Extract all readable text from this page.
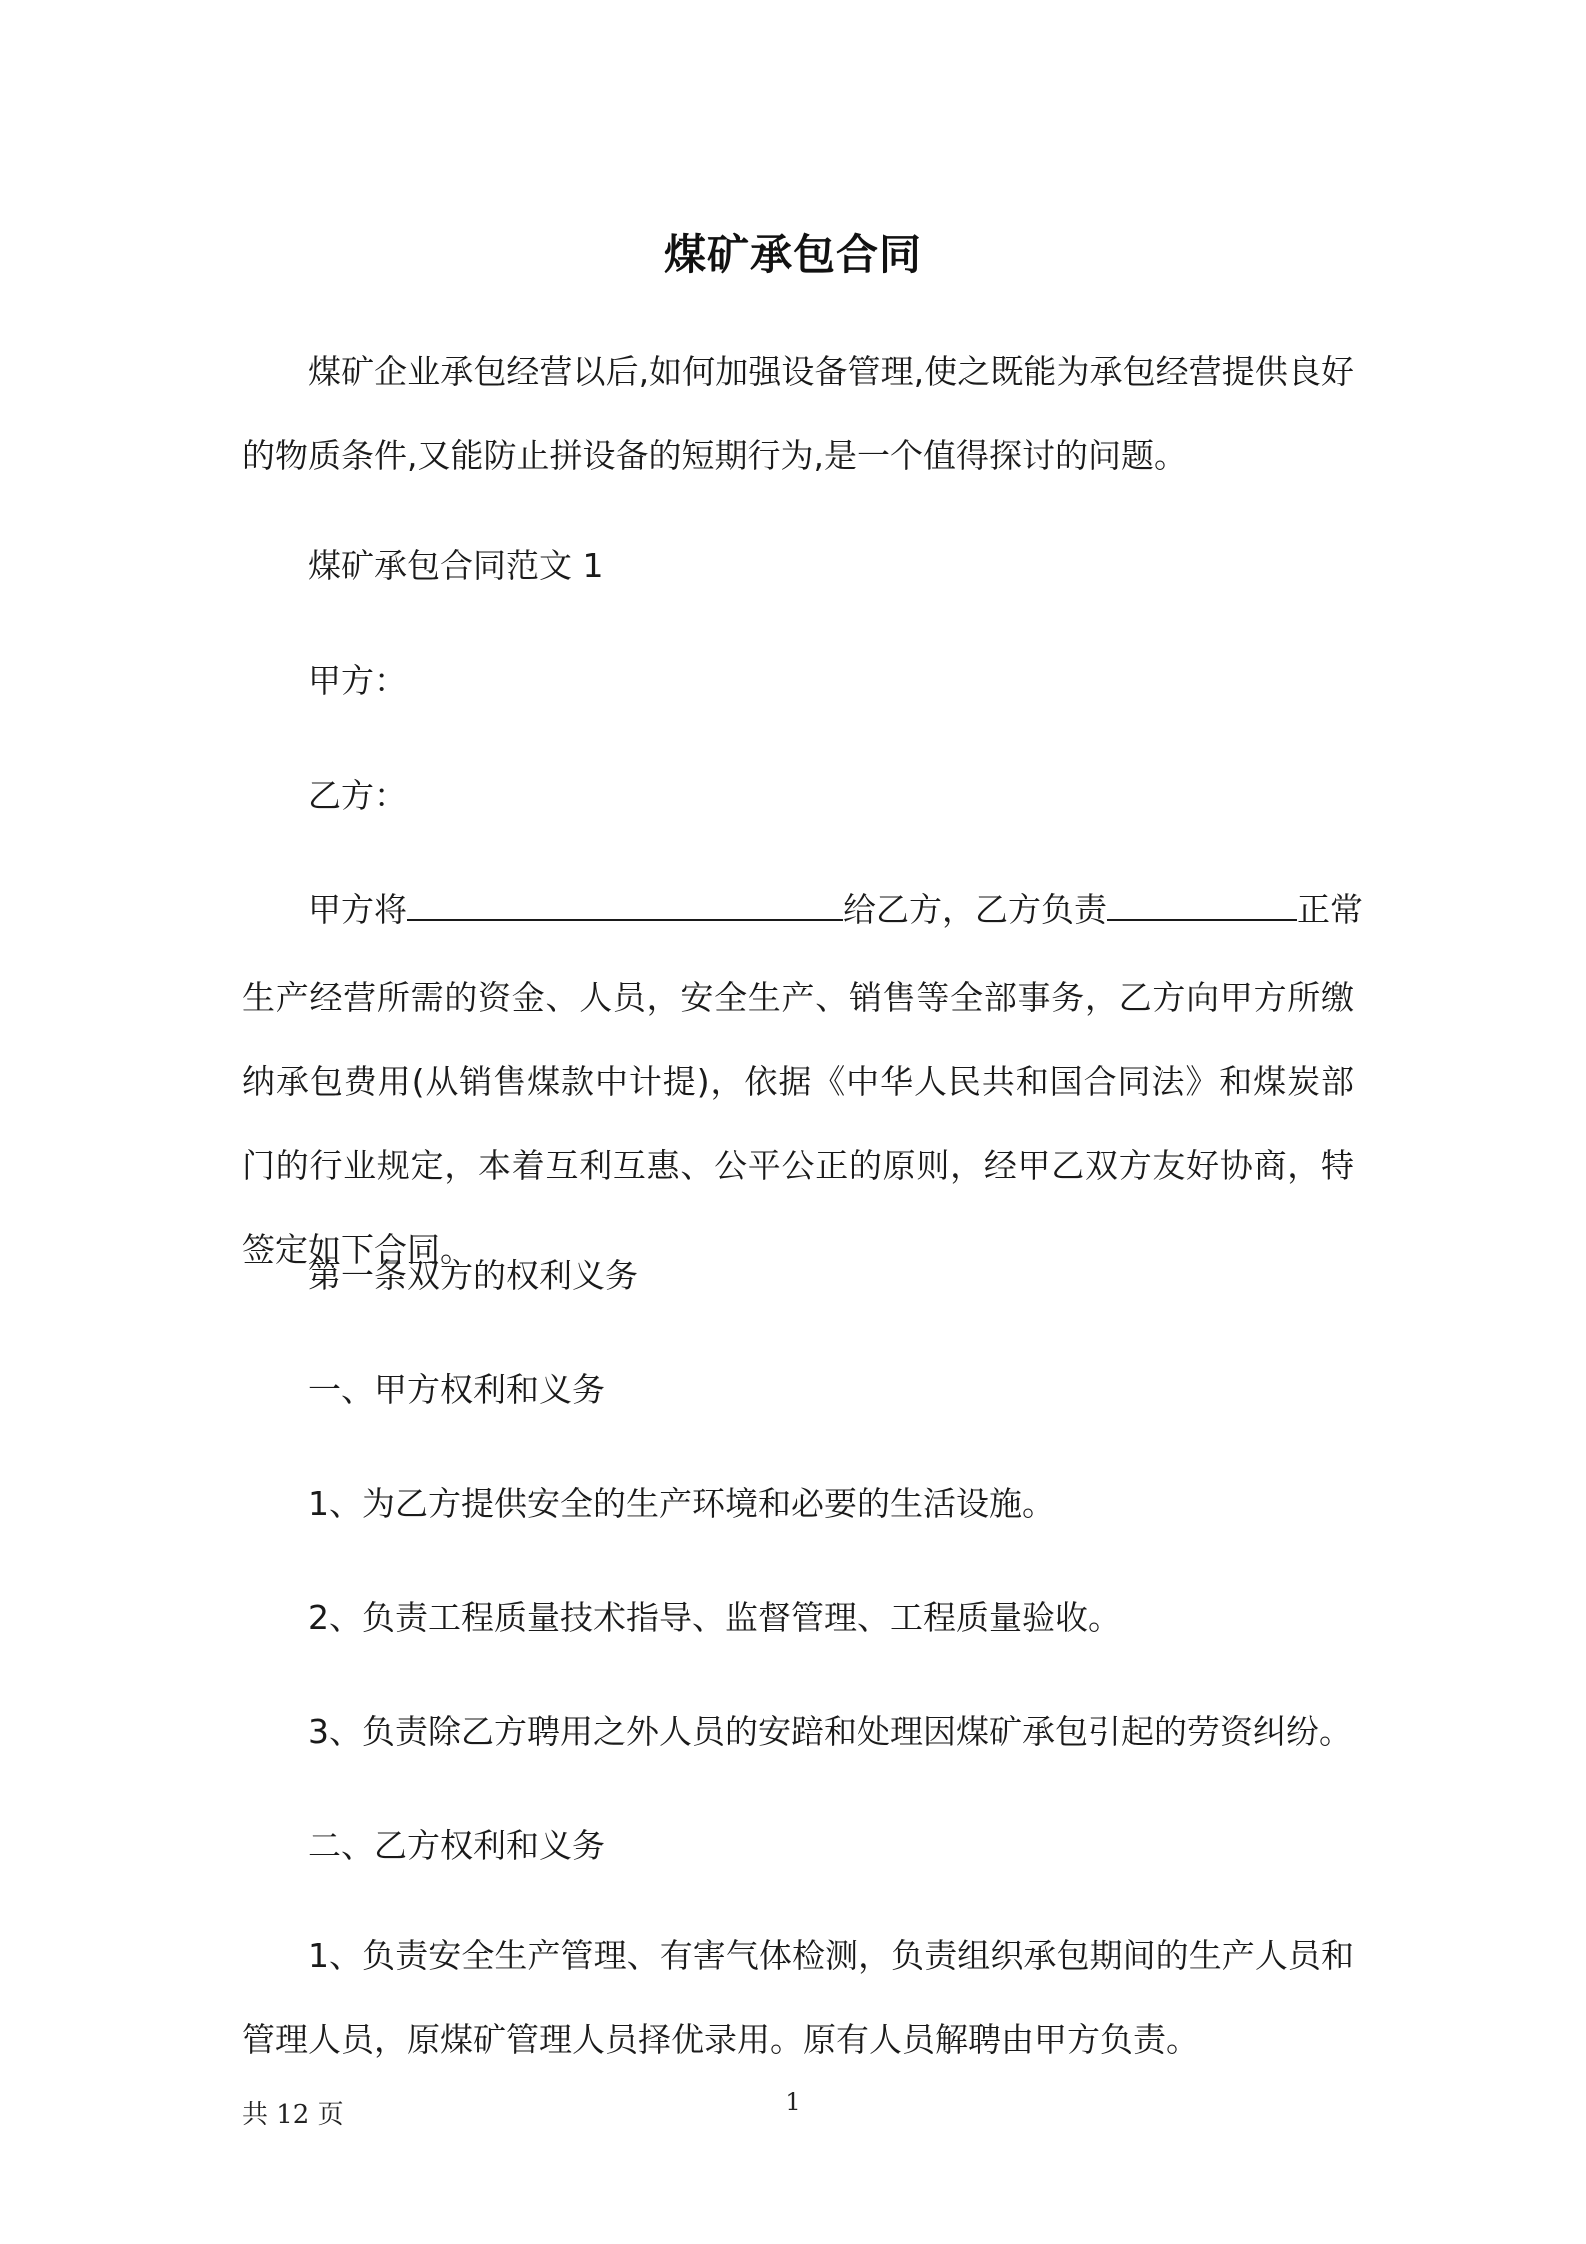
煤矿承包合同

煤矿企业承包经营以后,如何加强设备管理,使之既能为承包经营提供良好的物质条件,又能防止拼设备的短期行为,是一个值得探讨的问题。

煤矿承包合同范文 1

甲方：

乙方：

甲方将	给乙方，乙方负责	正常

生产经营所需的资金、人员，安全生产、销售等全部事务，乙方向甲方所缴纳承包费用(从销售煤款中计提)，依据《中华人民共和国合同法》和煤炭部门的行业规定，本着互利互惠、公平公正的原则，经甲乙双方友好协商，特签定如下合同。

第一条双方的权利义务

一、甲方权利和义务

1、为乙方提供安全的生产环境和必要的生活设施。

2、负责工程质量技术指导、监督管理、工程质量验收。

3、负责除乙方聘用之外人员的安踣和处理因煤矿承包引起的劳资纠纷。

二、乙方权利和义务

1、负责安全生产管理、有害气体检测，负责组织承包期间的生产人员和管理人员，原煤矿管理人员择优录用。原有人员解聘由甲方负责。

共 12 页	1
